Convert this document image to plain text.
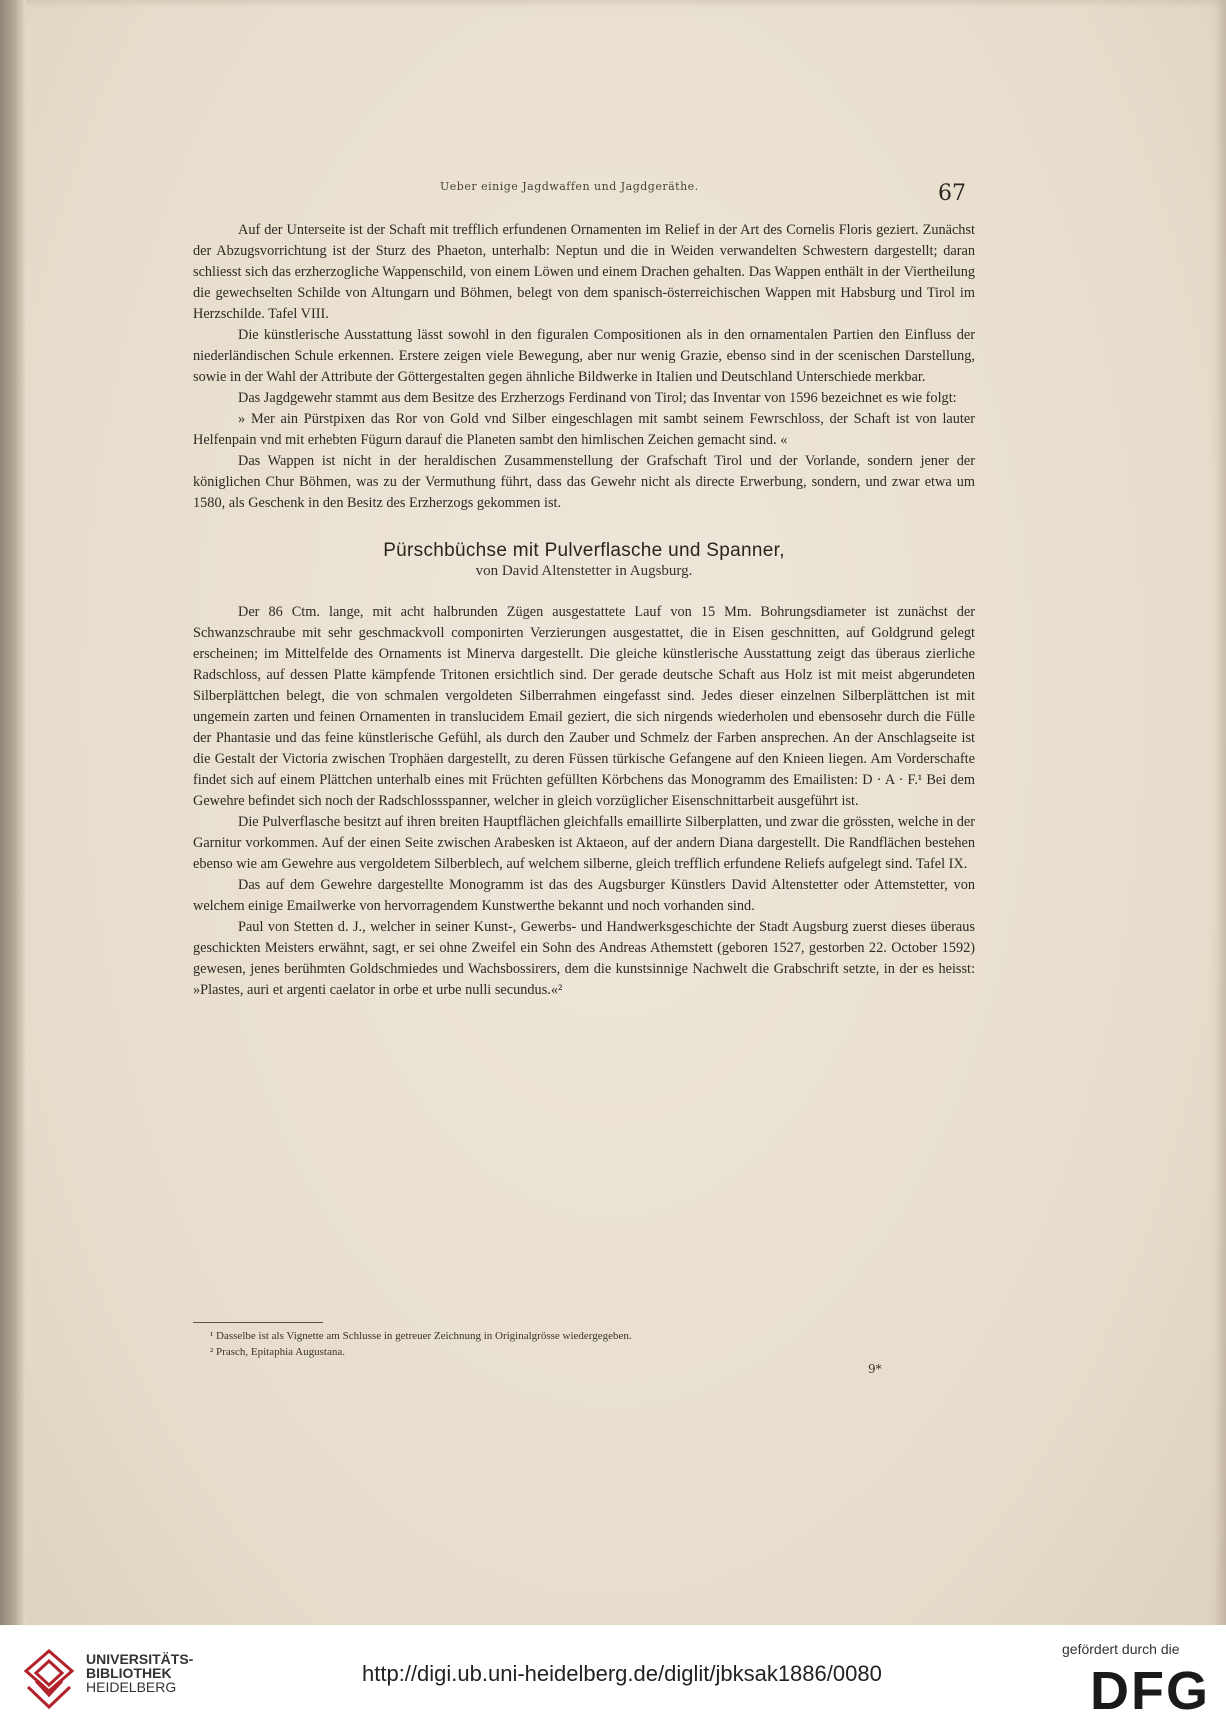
Ueber einige Jagdwaffen und Jagdgeräthe.	67

Auf der Unterseite ist der Schaft mit trefflich erfundenen Ornamenten im Relief in der Art des Cornelis Floris geziert. Zunächst der Abzugsvorrichtung ist der Sturz des Phaeton, unterhalb: Neptun und die in Weiden verwandelten Schwestern dargestellt; daran schliesst sich das erzherzogliche Wappenschild, von einem Löwen und einem Drachen gehalten. Das Wappen enthält in der Viertheilung die gewechselten Schilde von Altungarn und Böhmen, belegt von dem spanisch-österreichischen Wappen mit Habsburg und Tirol im Herzschilde. Tafel VIII.

Die künstlerische Ausstattung lässt sowohl in den figuralen Compositionen als in den ornamentalen Partien den Einfluss der niederländischen Schule erkennen. Erstere zeigen viele Bewegung, aber nur wenig Grazie, ebenso sind in der scenischen Darstellung, sowie in der Wahl der Attribute der Göttergestalten gegen ähnliche Bildwerke in Italien und Deutschland Unterschiede merkbar.

Das Jagdgewehr stammt aus dem Besitze des Erzherzogs Ferdinand von Tirol; das Inventar von 1596 bezeichnet es wie folgt:

» Mer ain Pürstpixen das Ror von Gold vnd Silber eingeschlagen mit sambt seinem Fewrschloss, der Schaft ist von lauter Helfenpain vnd mit erhebten Fügurn darauf die Planeten sambt den himlischen Zeichen gemacht sind. «

Das Wappen ist nicht in der heraldischen Zusammenstellung der Grafschaft Tirol und der Vorlande, sondern jener der königlichen Chur Böhmen, was zu der Vermuthung führt, dass das Gewehr nicht als directe Erwerbung, sondern, und zwar etwa um 1580, als Geschenk in den Besitz des Erzherzogs gekommen ist.

Pürschbüchse mit Pulverflasche und Spanner,
von David Altenstetter in Augsburg.

Der 86 Ctm. lange, mit acht halbrunden Zügen ausgestattete Lauf von 15 Mm. Bohrungsdiameter ist zunächst der Schwanzschraube mit sehr geschmackvoll componirten Verzierungen ausgestattet, die in Eisen geschnitten, auf Goldgrund gelegt erscheinen; im Mittelfelde des Ornaments ist Minerva dargestellt. Die gleiche künstlerische Ausstattung zeigt das überaus zierliche Radschloss, auf dessen Platte kämpfende Tritonen ersichtlich sind. Der gerade deutsche Schaft aus Holz ist mit meist abgerundeten Silberplättchen belegt, die von schmalen vergoldeten Silberrahmen eingefasst sind. Jedes dieser einzelnen Silberplättchen ist mit ungemein zarten und feinen Ornamenten in translucidem Email geziert, die sich nirgends wiederholen und ebensosehr durch die Fülle der Phantasie und das feine künstlerische Gefühl, als durch den Zauber und Schmelz der Farben ansprechen. An der Anschlagseite ist die Gestalt der Victoria zwischen Trophäen dargestellt, zu deren Füssen türkische Gefangene auf den Knieen liegen. Am Vorderschafte findet sich auf einem Plättchen unterhalb eines mit Früchten gefüllten Körbchens das Monogramm des Emailisten: D · A · F.¹ Bei dem Gewehre befindet sich noch der Radschlossspanner, welcher in gleich vorzüglicher Eisenschnittarbeit ausgeführt ist.

Die Pulverflasche besitzt auf ihren breiten Hauptflächen gleichfalls emaillirte Silberplatten, und zwar die grössten, welche in der Garnitur vorkommen. Auf der einen Seite zwischen Arabesken ist Aktaeon, auf der andern Diana dargestellt. Die Randflächen bestehen ebenso wie am Gewehre aus vergoldetem Silberblech, auf welchem silberne, gleich trefflich erfundene Reliefs aufgelegt sind. Tafel IX.

Das auf dem Gewehre dargestellte Monogramm ist das des Augsburger Künstlers David Altenstetter oder Attemstetter, von welchem einige Emailwerke von hervorragendem Kunstwerthe bekannt und noch vorhanden sind.

Paul von Stetten d. J., welcher in seiner Kunst-, Gewerbs- und Handwerksgeschichte der Stadt Augsburg zuerst dieses überaus geschickten Meisters erwähnt, sagt, er sei ohne Zweifel ein Sohn des Andreas Athemstett (geboren 1527, gestorben 22. October 1592) gewesen, jenes berühmten Goldschmiedes und Wachsbossirers, dem die kunstsinnige Nachwelt die Grabschrift setzte, in der es heisst: »Plastes, auri et argenti caelator in orbe et urbe nulli secundus.«²

¹ Dasselbe ist als Vignette am Schlusse in getreuer Zeichnung in Originalgrösse wiedergegeben.
² Prasch, Epitaphia Augustana.
9*
UNIVERSITÄTS-
BIBLIOTHEK
HEIDELBERG
http://digi.ub.uni-heidelberg.de/diglit/jbksak1886/0080
gefördert durch die
DFG
